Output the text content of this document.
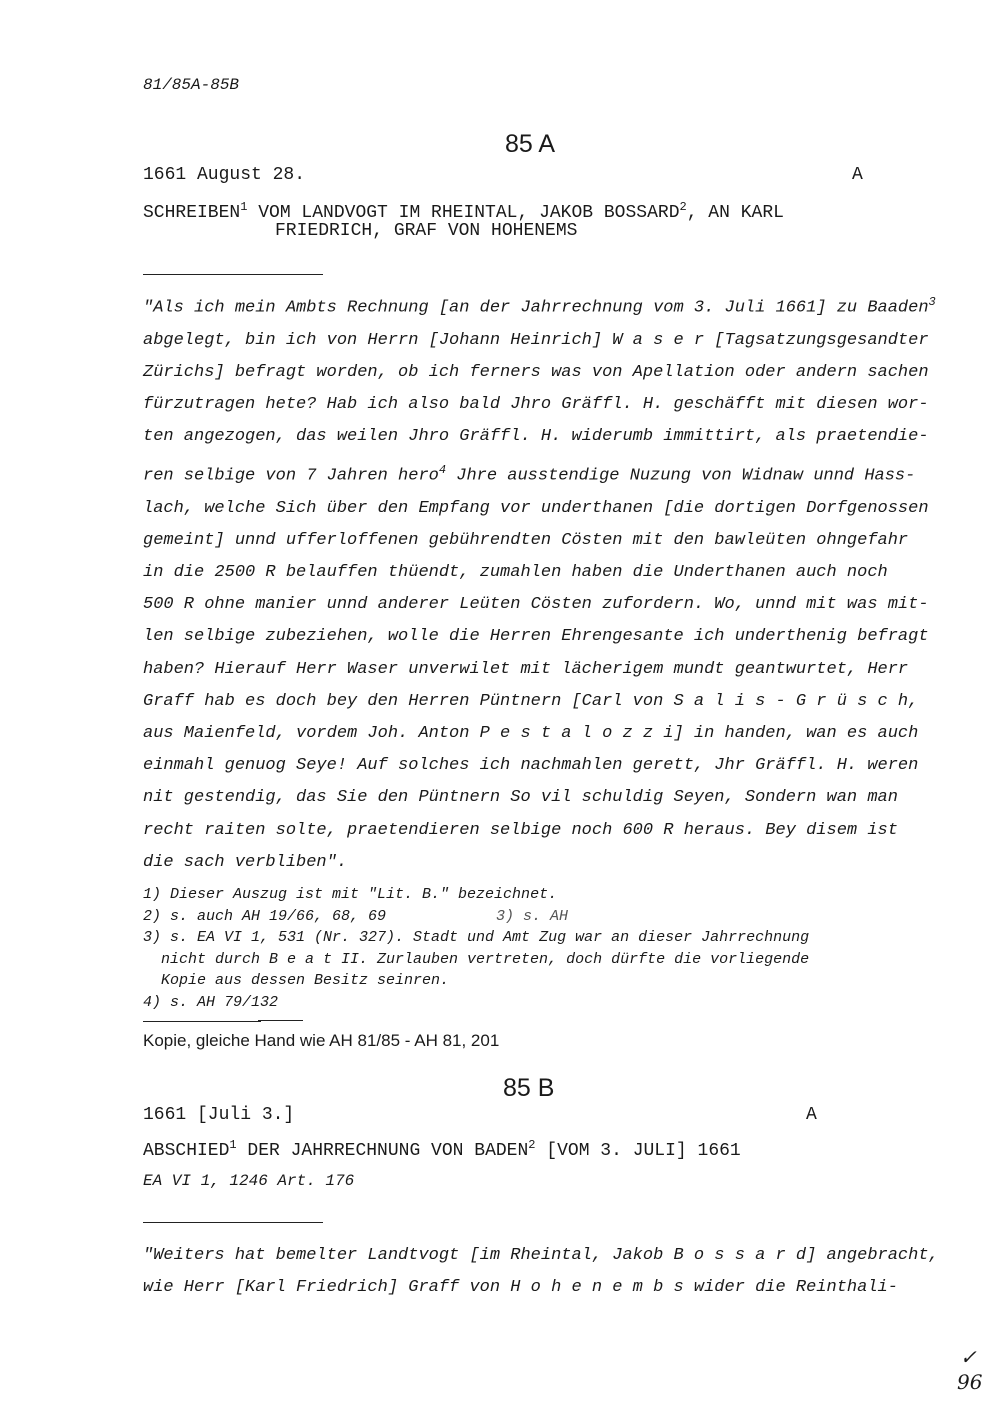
81/85A-85B
85 A
1661 August 28.	A
SCHREIBEN$^1$ VOM LANDVOGT IM RHEINTAL, JAKOB BOSSARD$^2$, AN KARL
FRIEDRICH, GRAF VON HOHENEMS
"Als ich mein Ambts Rechnung [an der Jahrrechnung vom 3. Juli 1661] zu Baaden$^3$
abgelegt, bin ich von Herrn [Johann Heinrich] W a s e r [Tagsatzungsgesandter
Zürichs] befragt worden, ob ich ferners was von Apellation oder andern sachen
fürzutragen hete? Hab ich also bald Jhro Gräffl. H. geschäfft mit diesen wor-
ten angezogen, das weilen Jhro Gräffl. H. widerumb immittirt, als praetendie-
ren selbige von 7 Jahren hero$^4$ Jhre ausstendige Nuzung von Widnaw unnd Hass-
lach, welche Sich über den Empfang vor underthanen [die dortigen Dorfgenossen
gemeint] unnd ufferloffenen gebührendten Cösten mit den bawleüten ohngefahr
in die 2500 R belauffen thüendt, zumahlen haben die Underthanen auch noch
500 R ohne manier unnd anderer Leüten Cösten zufordern. Wo, unnd mit was mit-
len selbige zubeziehen, wolle die Herren Ehrengesante ich underthenig befragt
haben? Hierauf Herr Waser unverwilet mit lächerigem mundt geantwurtet, Herr
Graff hab es doch bey den Herren Püntnern [Carl von S a l i s - G r ü s c h,
aus Maienfeld, vordem Joh. Anton P e s t a l o z z i] in handen, wan es auch
einmahl genuog Seye! Auf solches ich nachmahlen gerett, Jhr Gräffl. H. weren
nit gestendig, das Sie den Püntnern So vil schuldig Seyen, Sondern wan man
recht raiten solte, praetendieren selbige noch 600 R heraus. Bey disem ist
die sach verbliben".
1) Dieser Auszug ist mit "Lit. B." bezeichnet.
2) s. auch AH 19/66, 68, 69	3) s. AH
3) s. EA VI 1, 531 (Nr. 327). Stadt und Amt Zug war an dieser Jahrrechnung
nicht durch B e a t II. Zurlauben vertreten, doch dürfte die vorliegende
Kopie aus dessen Besitz seinren.
4) s. AH 79/132
Kopie, gleiche Hand wie AH 81/85 - AH 81, 201
85 B
1661 [Juli 3.]	A
ABSCHIED$^1$ DER JAHRRECHNUNG VON BADEN$^2$ [VOM 3. JULI] 1661
EA VI 1, 1246 Art. 176
"Weiters hat bemelter Landtvogt [im Rheintal, Jakob B o s s a r d] angebracht,
wie Herr [Karl Friedrich] Graff von H o h e n e m b s wider die Reinthali-
✓
96
